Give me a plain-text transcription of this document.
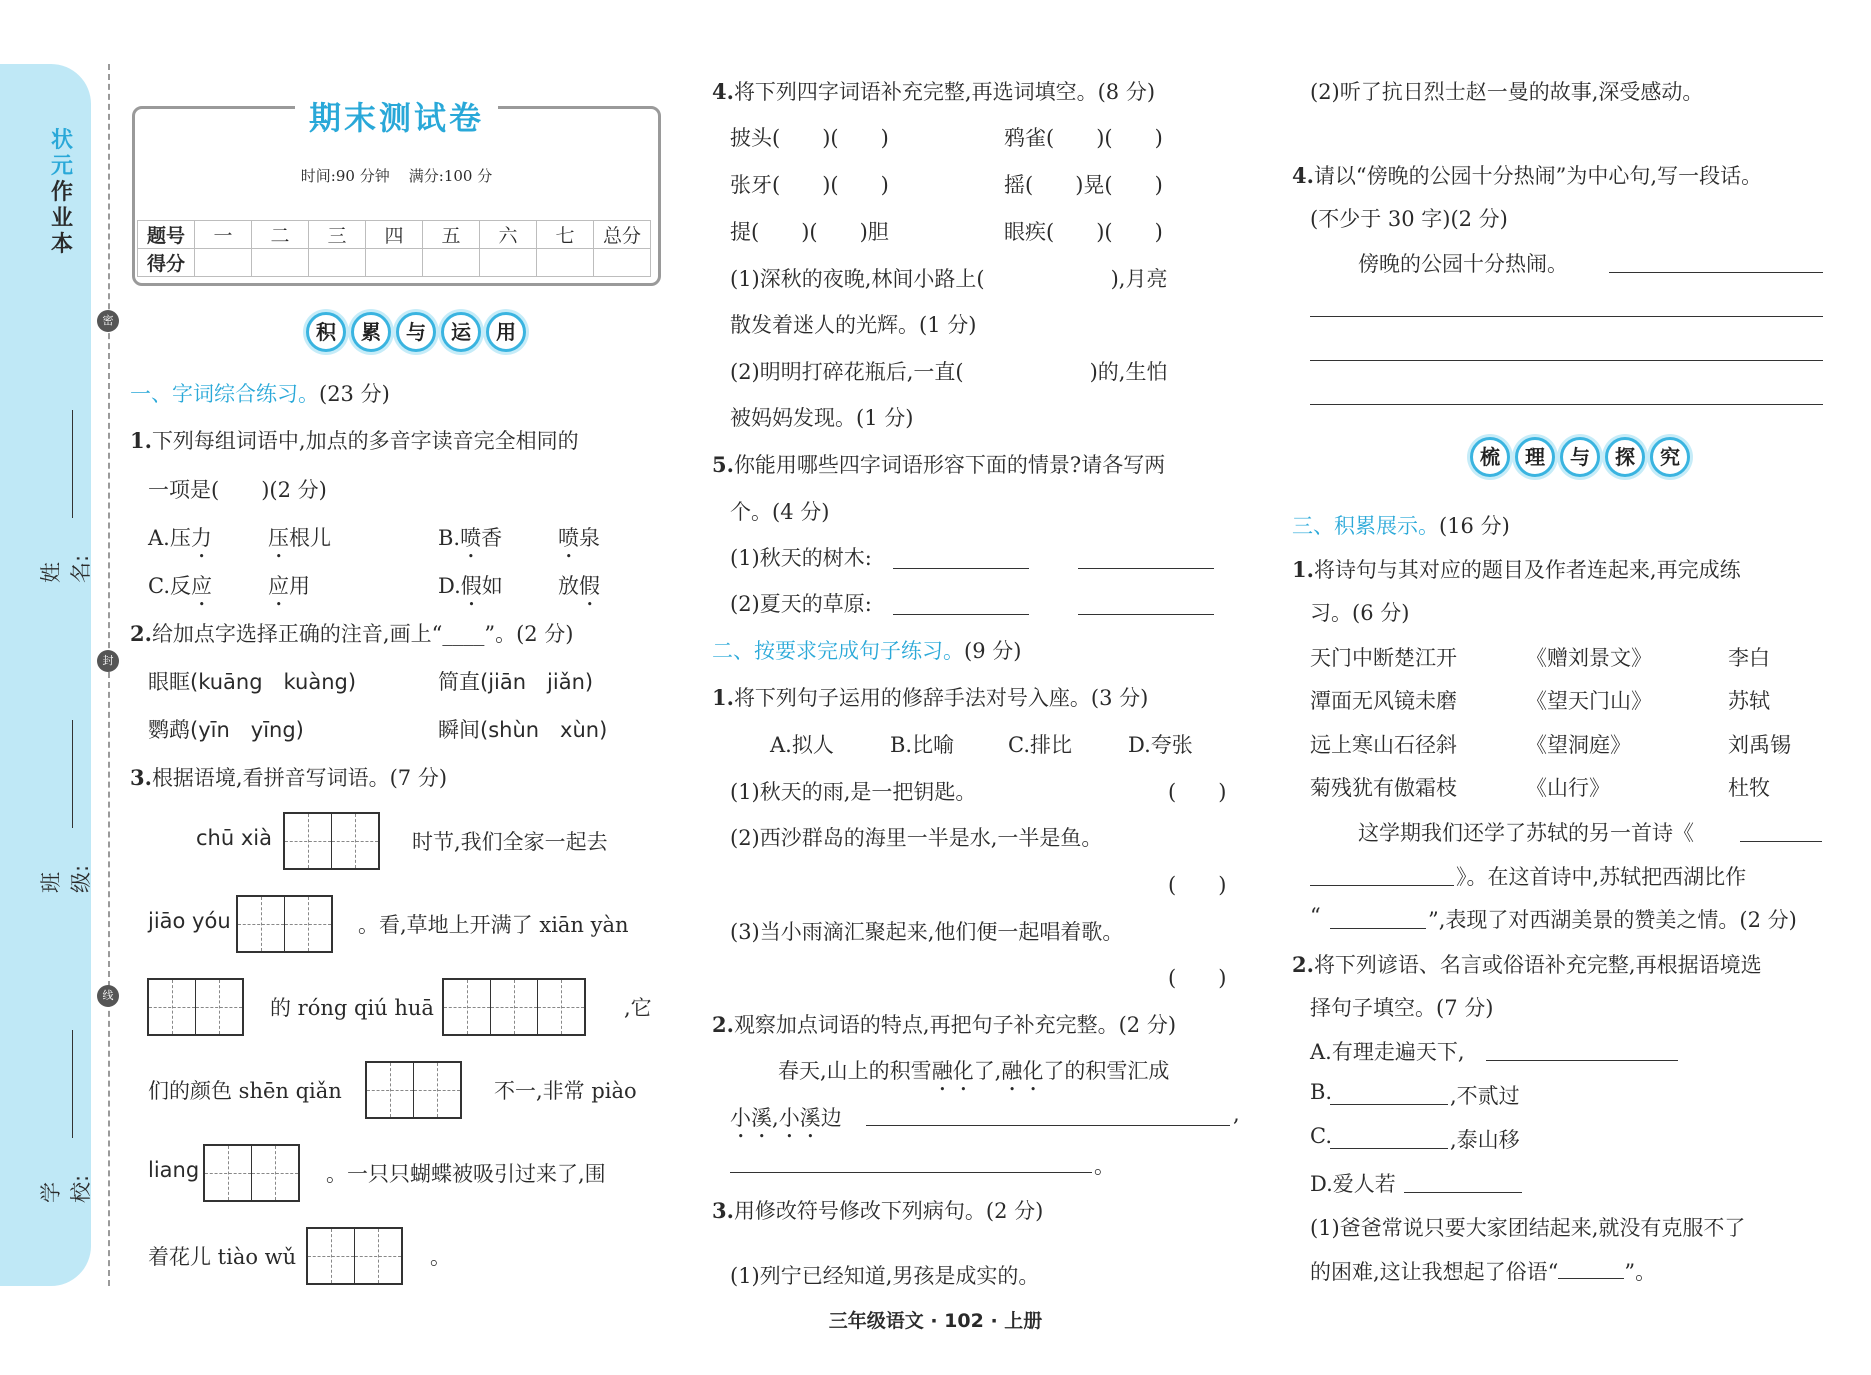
状元
作业
本
姓名:
班级:
学校:
密
封
线
期末测试卷
时间:90 分钟    满分:100 分
题号	一	二	三	四	五	六	七	总分
得分								
积 累 与 运 用
一、字词综合练习。(23 分)
1.下列每组词语中,加点的多音字读音完全相同的
一项是(　　)(2 分)
A.压力	压根儿	B.喷香	喷泉
C.反应	应用	D.假如	放假
2.给加点字选择正确的注音,画上“____”。(2 分)
眼眶(kuāng　kuàng)	简直(jiān　jiǎn)
鹦鹉(yīn　yīng)	瞬间(shùn　xùn)
3.根据语境,看拼音写词语。(7 分)
chū xià	时节,我们全家一起去
jiāo yóu	。看,草地上开满了 xiān yàn
的 róng qiú huā	,它
们的颜色 shēn qiǎn	不一,非常 piào
liang	。一只只蝴蝶被吸引过来了,围
着花儿 tiào wǔ	。
4.将下列四字词语补充完整,再选词填空。(8 分)
披头(　　)(　　)	鸦雀(　　)(　　)
张牙(　　)(　　)	摇(　　)晃(　　)
提(　　)(　　)胆	眼疾(　　)(　　)
(1)深秋的夜晚,林间小路上(　　　　　　),月亮
散发着迷人的光辉。(1 分)
(2)明明打碎花瓶后,一直(　　　　　　)的,生怕
被妈妈发现。(1 分)
5.你能用哪些四字词语形容下面的情景?请各写两
个。(4 分)
(1)秋天的树木:
(2)夏天的草原:
二、按要求完成句子练习。(9 分)
1.将下列句子运用的修辞手法对号入座。(3 分)
A.拟人	B.比喻	C.排比	D.夸张
(1)秋天的雨,是一把钥匙。	(　　)
(2)西沙群岛的海里一半是水,一半是鱼。
(　　)
(3)当小雨滴汇聚起来,他们便一起唱着歌。
(　　)
2.观察加点词语的特点,再把句子补充完整。(2 分)
春天,山上的积雪融化了,融化了的积雪汇成
小溪,小溪边	,
。
3.用修改符号修改下列病句。(2 分)
(1)列宁已经知道,男孩是成实的。
(2)听了抗日烈士赵一曼的故事,深受感动。
4.请以“傍晚的公园十分热闹”为中心句,写一段话。
(不少于 30 字)(2 分)
傍晚的公园十分热闹。
梳 理 与 探 究
三、积累展示。(16 分)
1.将诗句与其对应的题目及作者连起来,再完成练
习。(6 分)
天门中断楚江开	《赠刘景文》	李白
潭面无风镜未磨	《望天门山》	苏轼
远上寒山石径斜	《望洞庭》	刘禹锡
菊残犹有傲霜枝	《山行》	杜牧
这学期我们还学了苏轼的另一首诗《
》。在这首诗中,苏轼把西湖比作
“	”,表现了对西湖美景的赞美之情。(2 分)
2.将下列谚语、名言或俗语补充完整,再根据语境选
择句子填空。(7 分)
A.有理走遍天下,
B.	,不贰过
C.	,泰山移
D.爱人若
(1)爸爸常说只要大家团结起来,就没有克服不了
的困难,这让我想起了俗语“	”。
三年级语文 · 102 · 上册
